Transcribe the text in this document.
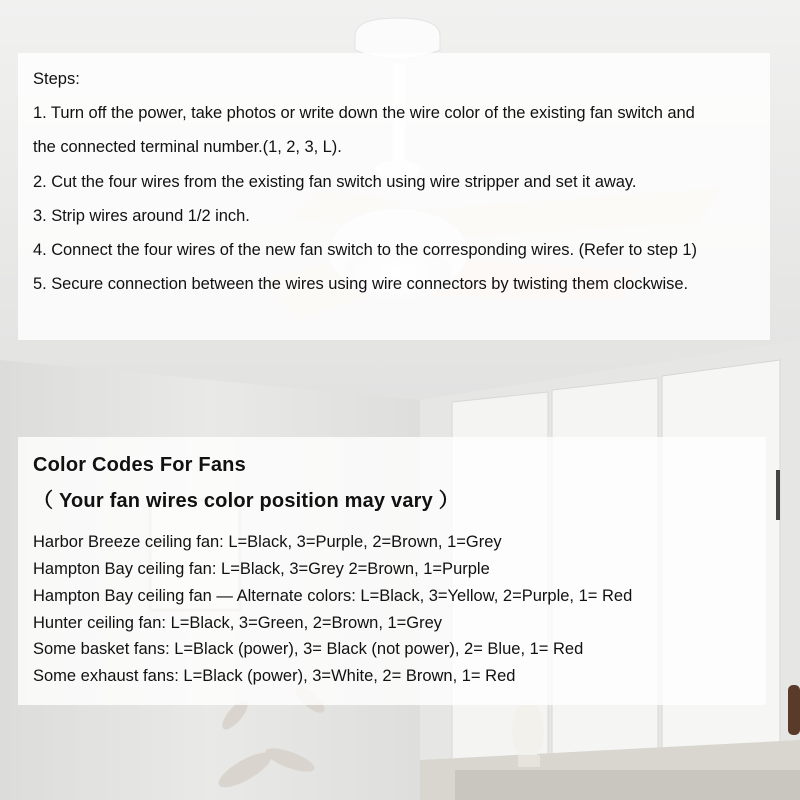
Steps:
1. Turn off the power, take photos or write down the wire color of the existing fan switch and
the connected terminal number.(1, 2, 3, L).
2. Cut the four wires from the existing fan switch using wire stripper and set it away.
3. Strip wires around 1/2 inch.
4. Connect the four wires of the new fan switch to the corresponding wires. (Refer to step 1)
5. Secure connection between the wires using wire connectors by twisting them clockwise.
Color Codes For Fans
（ Your fan wires color position may vary ）
Harbor Breeze ceiling fan: L=Black, 3=Purple, 2=Brown, 1=Grey
Hampton Bay ceiling fan: L=Black, 3=Grey 2=Brown, 1=Purple
Hampton Bay ceiling fan — Alternate colors: L=Black, 3=Yellow, 2=Purple, 1= Red
Hunter ceiling fan: L=Black, 3=Green, 2=Brown, 1=Grey
Some basket fans: L=Black (power), 3= Black (not power), 2= Blue, 1= Red
Some exhaust fans: L=Black (power), 3=White, 2= Brown, 1= Red
